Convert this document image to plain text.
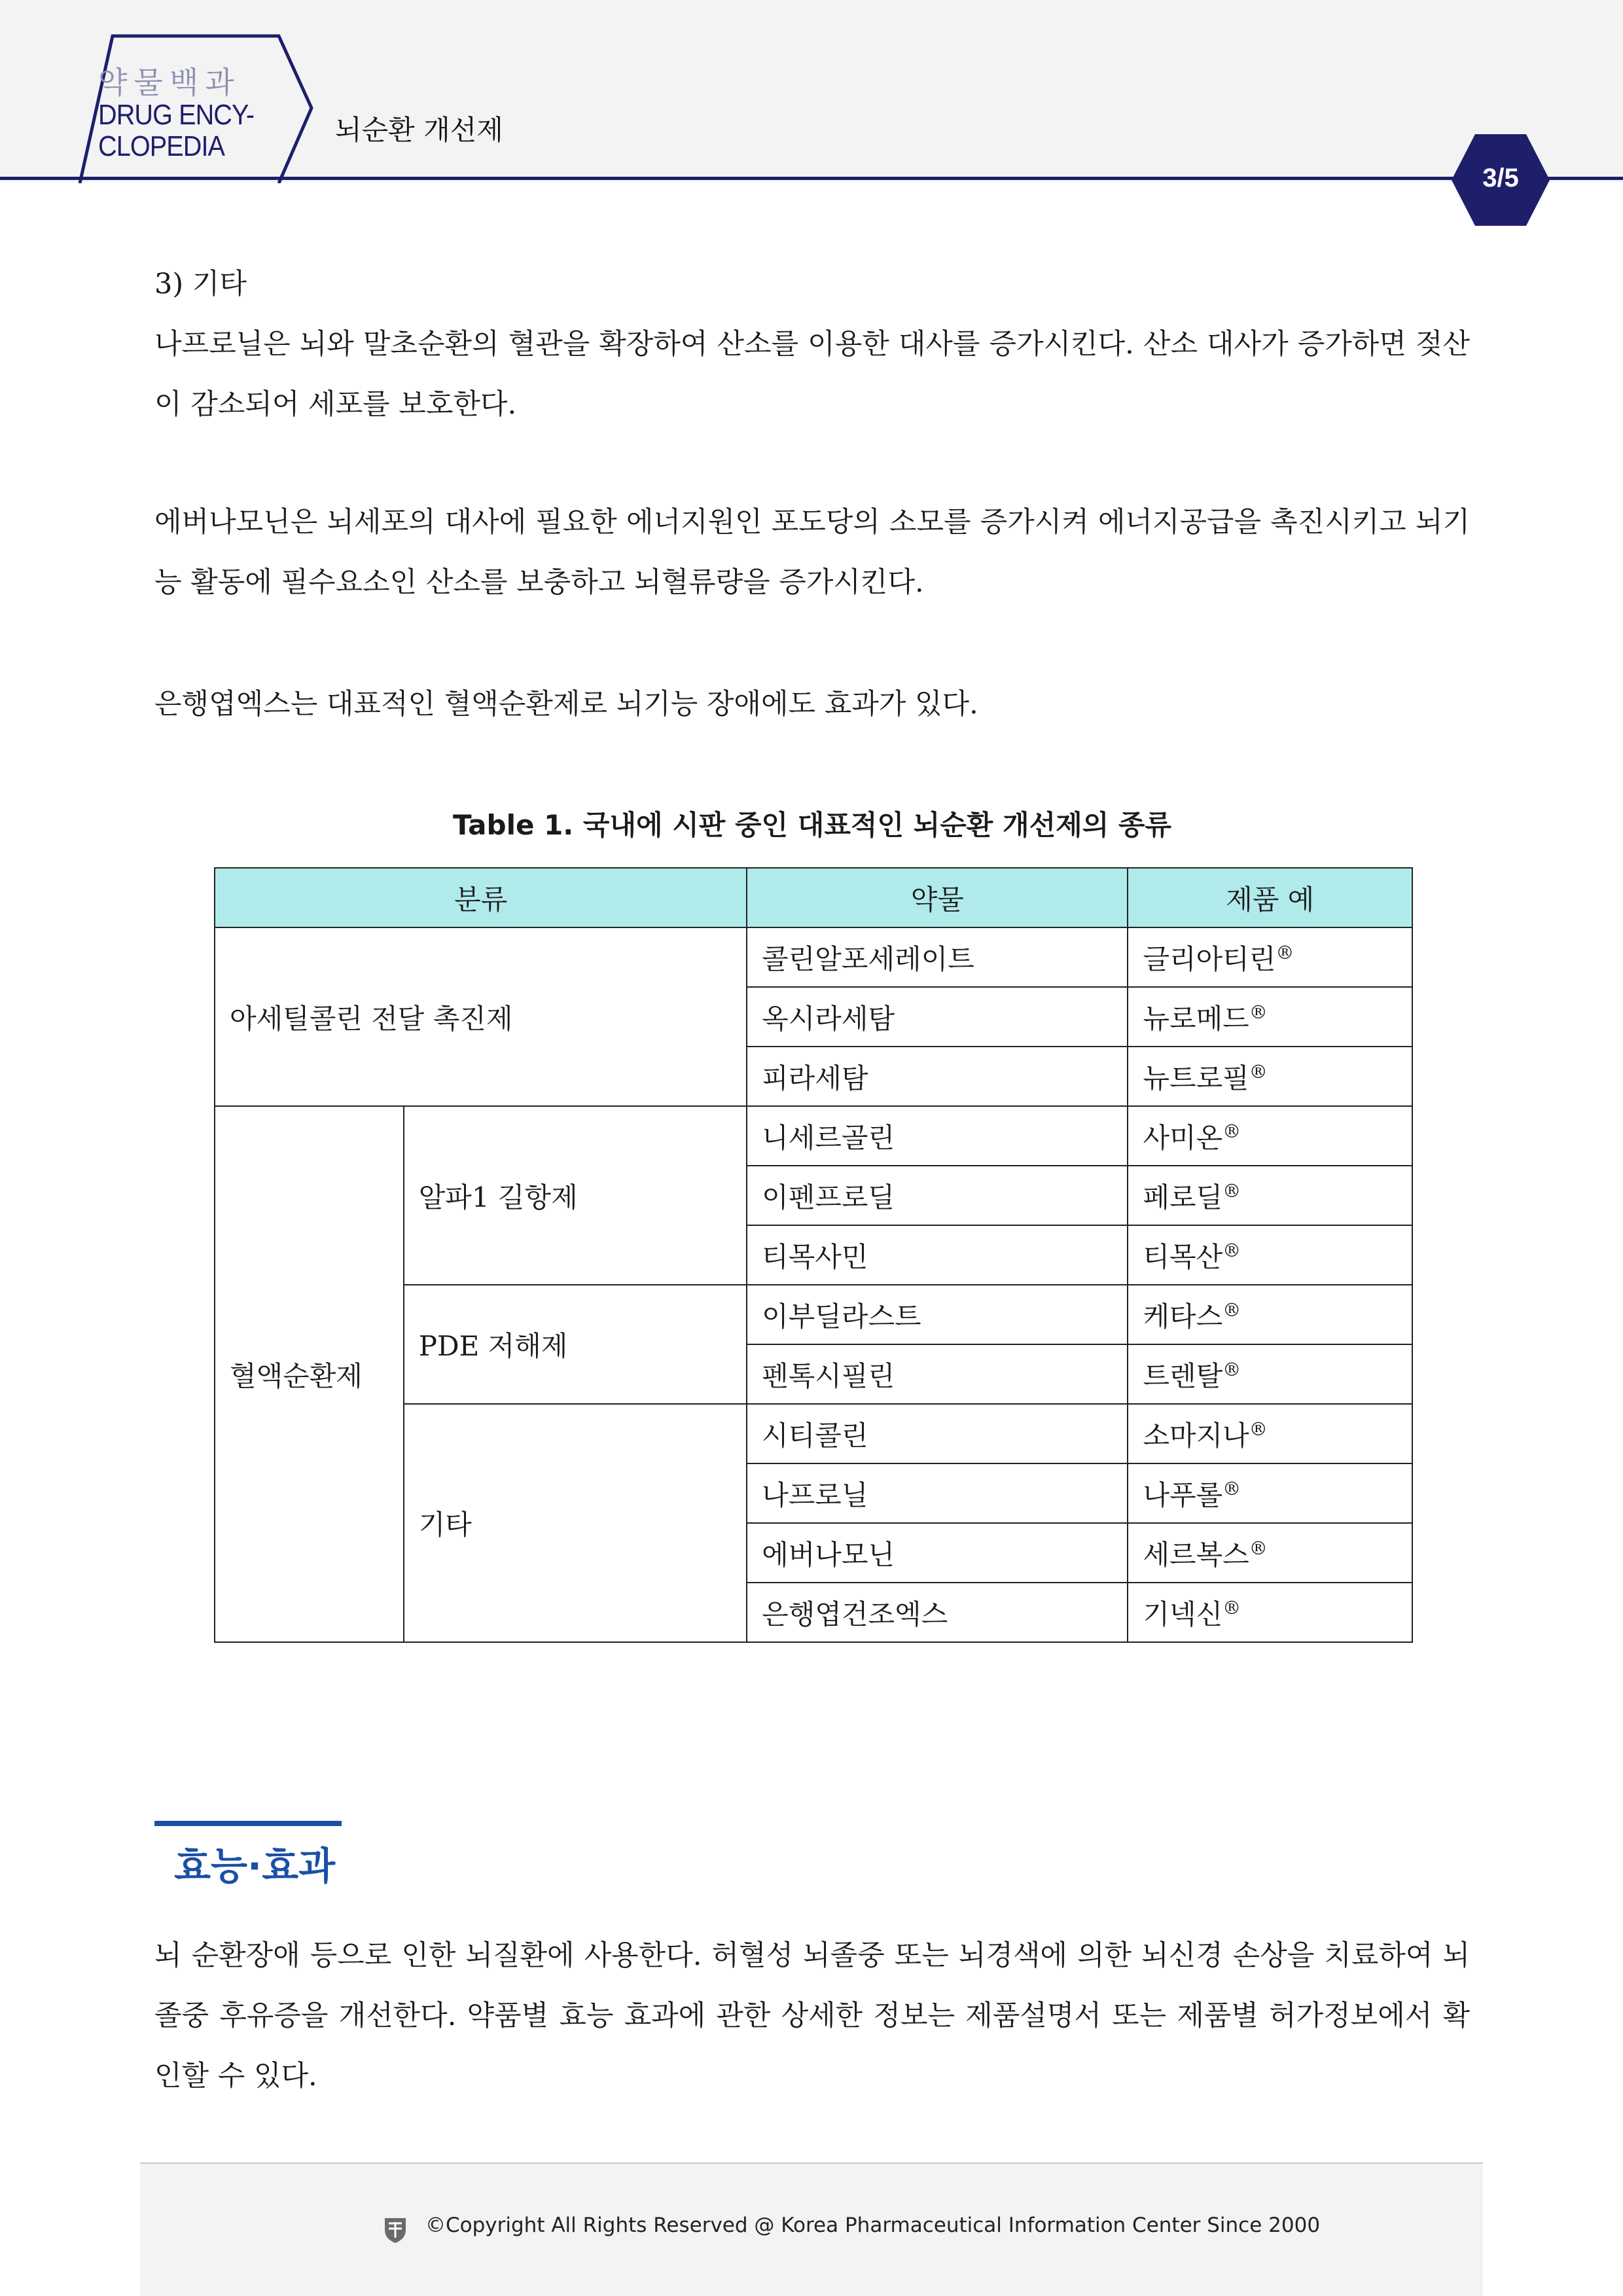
약물백과
DRUG ENCY-
CLOPEDIA
뇌순환 개선제
3/5
3) 기타
나프로닐은 뇌와 말초순환의 혈관을 확장하여 산소를 이용한 대사를 증가시킨다. 산소 대사가 증가하면 젖산이 감소되어 세포를 보호한다.
에버나모닌은 뇌세포의 대사에 필요한 에너지원인 포도당의 소모를 증가시켜 에너지공급을 촉진시키고 뇌기능 활동에 필수요소인 산소를 보충하고 뇌혈류량을 증가시킨다.
은행엽엑스는 대표적인 혈액순환제로 뇌기능 장애에도 효과가 있다.
Table 1. 국내에 시판 중인 대표적인 뇌순환 개선제의 종류
분류		약물	제품 예
아세틸콜린 전달 촉진제		콜린알포세레이트	글리아티린®
		옥시라세탐	뉴로메드®
		피라세탐	뉴트로필®
혈액순환제	알파1 길항제	니세르골린	사미온®
		이펜프로딜	페로딜®
		티목사민	티목산®
	PDE 저해제	이부딜라스트	케타스®
		펜톡시필린	트렌탈®
	기타	시티콜린	소마지나®
		나프로닐	나푸롤®
		에버나모닌	세르복스®
		은행엽건조엑스	기넥신®
효능·효과
뇌 순환장애 등으로 인한 뇌질환에 사용한다. 허혈성 뇌졸중 또는 뇌경색에 의한 뇌신경 손상을 치료하여 뇌졸중 후유증을 개선한다. 약품별 효능 효과에 관한 상세한 정보는 제품설명서 또는 제품별 허가정보에서 확인할 수 있다.
©Copyright All Rights Reserved @ Korea Pharmaceutical Information Center Since 2000
